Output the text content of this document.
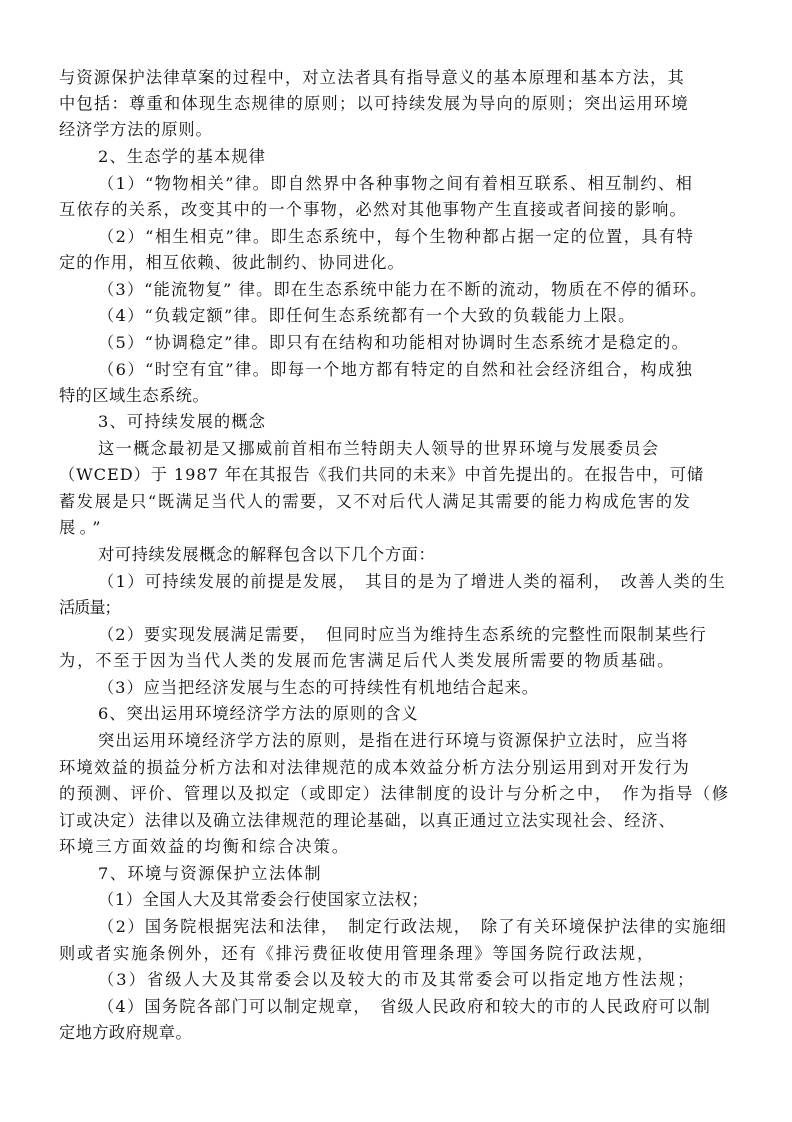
与资源保护法律草案的过程中，对立法者具有指导意义的基本原理和基本方法，其
中包括：尊重和体现生态规律的原则；以可持续发展为导向的原则；突出运用环境
经济学方法的原则。
2、生态学的基本规律
（1）“物物相关”律。即自然界中各种事物之间有着相互联系、相互制约、相
互依存的关系，改变其中的一个事物，必然对其他事物产生直接或者间接的影响。
（2）“相生相克”律。即生态系统中，每个生物种都占据一定的位置，具有特
定的作用，相互依赖、彼此制约、协同进化。
（3）“能流物复” 律。即在生态系统中能力在不断的流动，物质在不停的循环。
（4）“负载定额”律。即任何生态系统都有一个大致的负载能力上限。
（5）“协调稳定”律。即只有在结构和功能相对协调时生态系统才是稳定的。
（6）“时空有宜”律。即每一个地方都有特定的自然和社会经济组合，构成独
特的区域生态系统。
3、可持续发展的概念
这一概念最初是又挪威前首相布兰特朗夫人领导的世界环境与发展委员会
（WCED）于 1987 年在其报告《我们共同的未来》中首先提出的。在报告中，可储
蓄发展是只“既满足当代人的需要，又不对后代人满足其需要的能力构成危害的发
展。”
对可持续发展概念的解释包含以下几个方面：
（1）可持续发展的前提是发展，　其目的是为了增进人类的福利，　改善人类的生
活质量；
（2）要实现发展满足需要，　但同时应当为维持生态系统的完整性而限制某些行
为，不至于因为当代人类的发展而危害满足后代人类发展所需要的物质基础。
（3）应当把经济发展与生态的可持续性有机地结合起来。
6、突出运用环境经济学方法的原则的含义
突出运用环境经济学方法的原则，是指在进行环境与资源保护立法时，应当将
环境效益的损益分析方法和对法律规范的成本效益分析方法分别运用到对开发行为
的预测、评价、管理以及拟定（或即定）法律制度的设计与分析之中，　作为指导（修
订或决定）法律以及确立法律规范的理论基础，以真正通过立法实现社会、经济、
环境三方面效益的均衡和综合决策。
7、环境与资源保护立法体制
（1）全国人大及其常委会行使国家立法权；
（2）国务院根据宪法和法律，　制定行政法规，　除了有关环境保护法律的实施细
则或者实施条例外，还有《排污费征收使用管理条理》等国务院行政法规，
（3）省级人大及其常委会以及较大的市及其常委会可以指定地方性法规；
（4）国务院各部门可以制定规章，　省级人民政府和较大的市的人民政府可以制
定地方政府规章。
